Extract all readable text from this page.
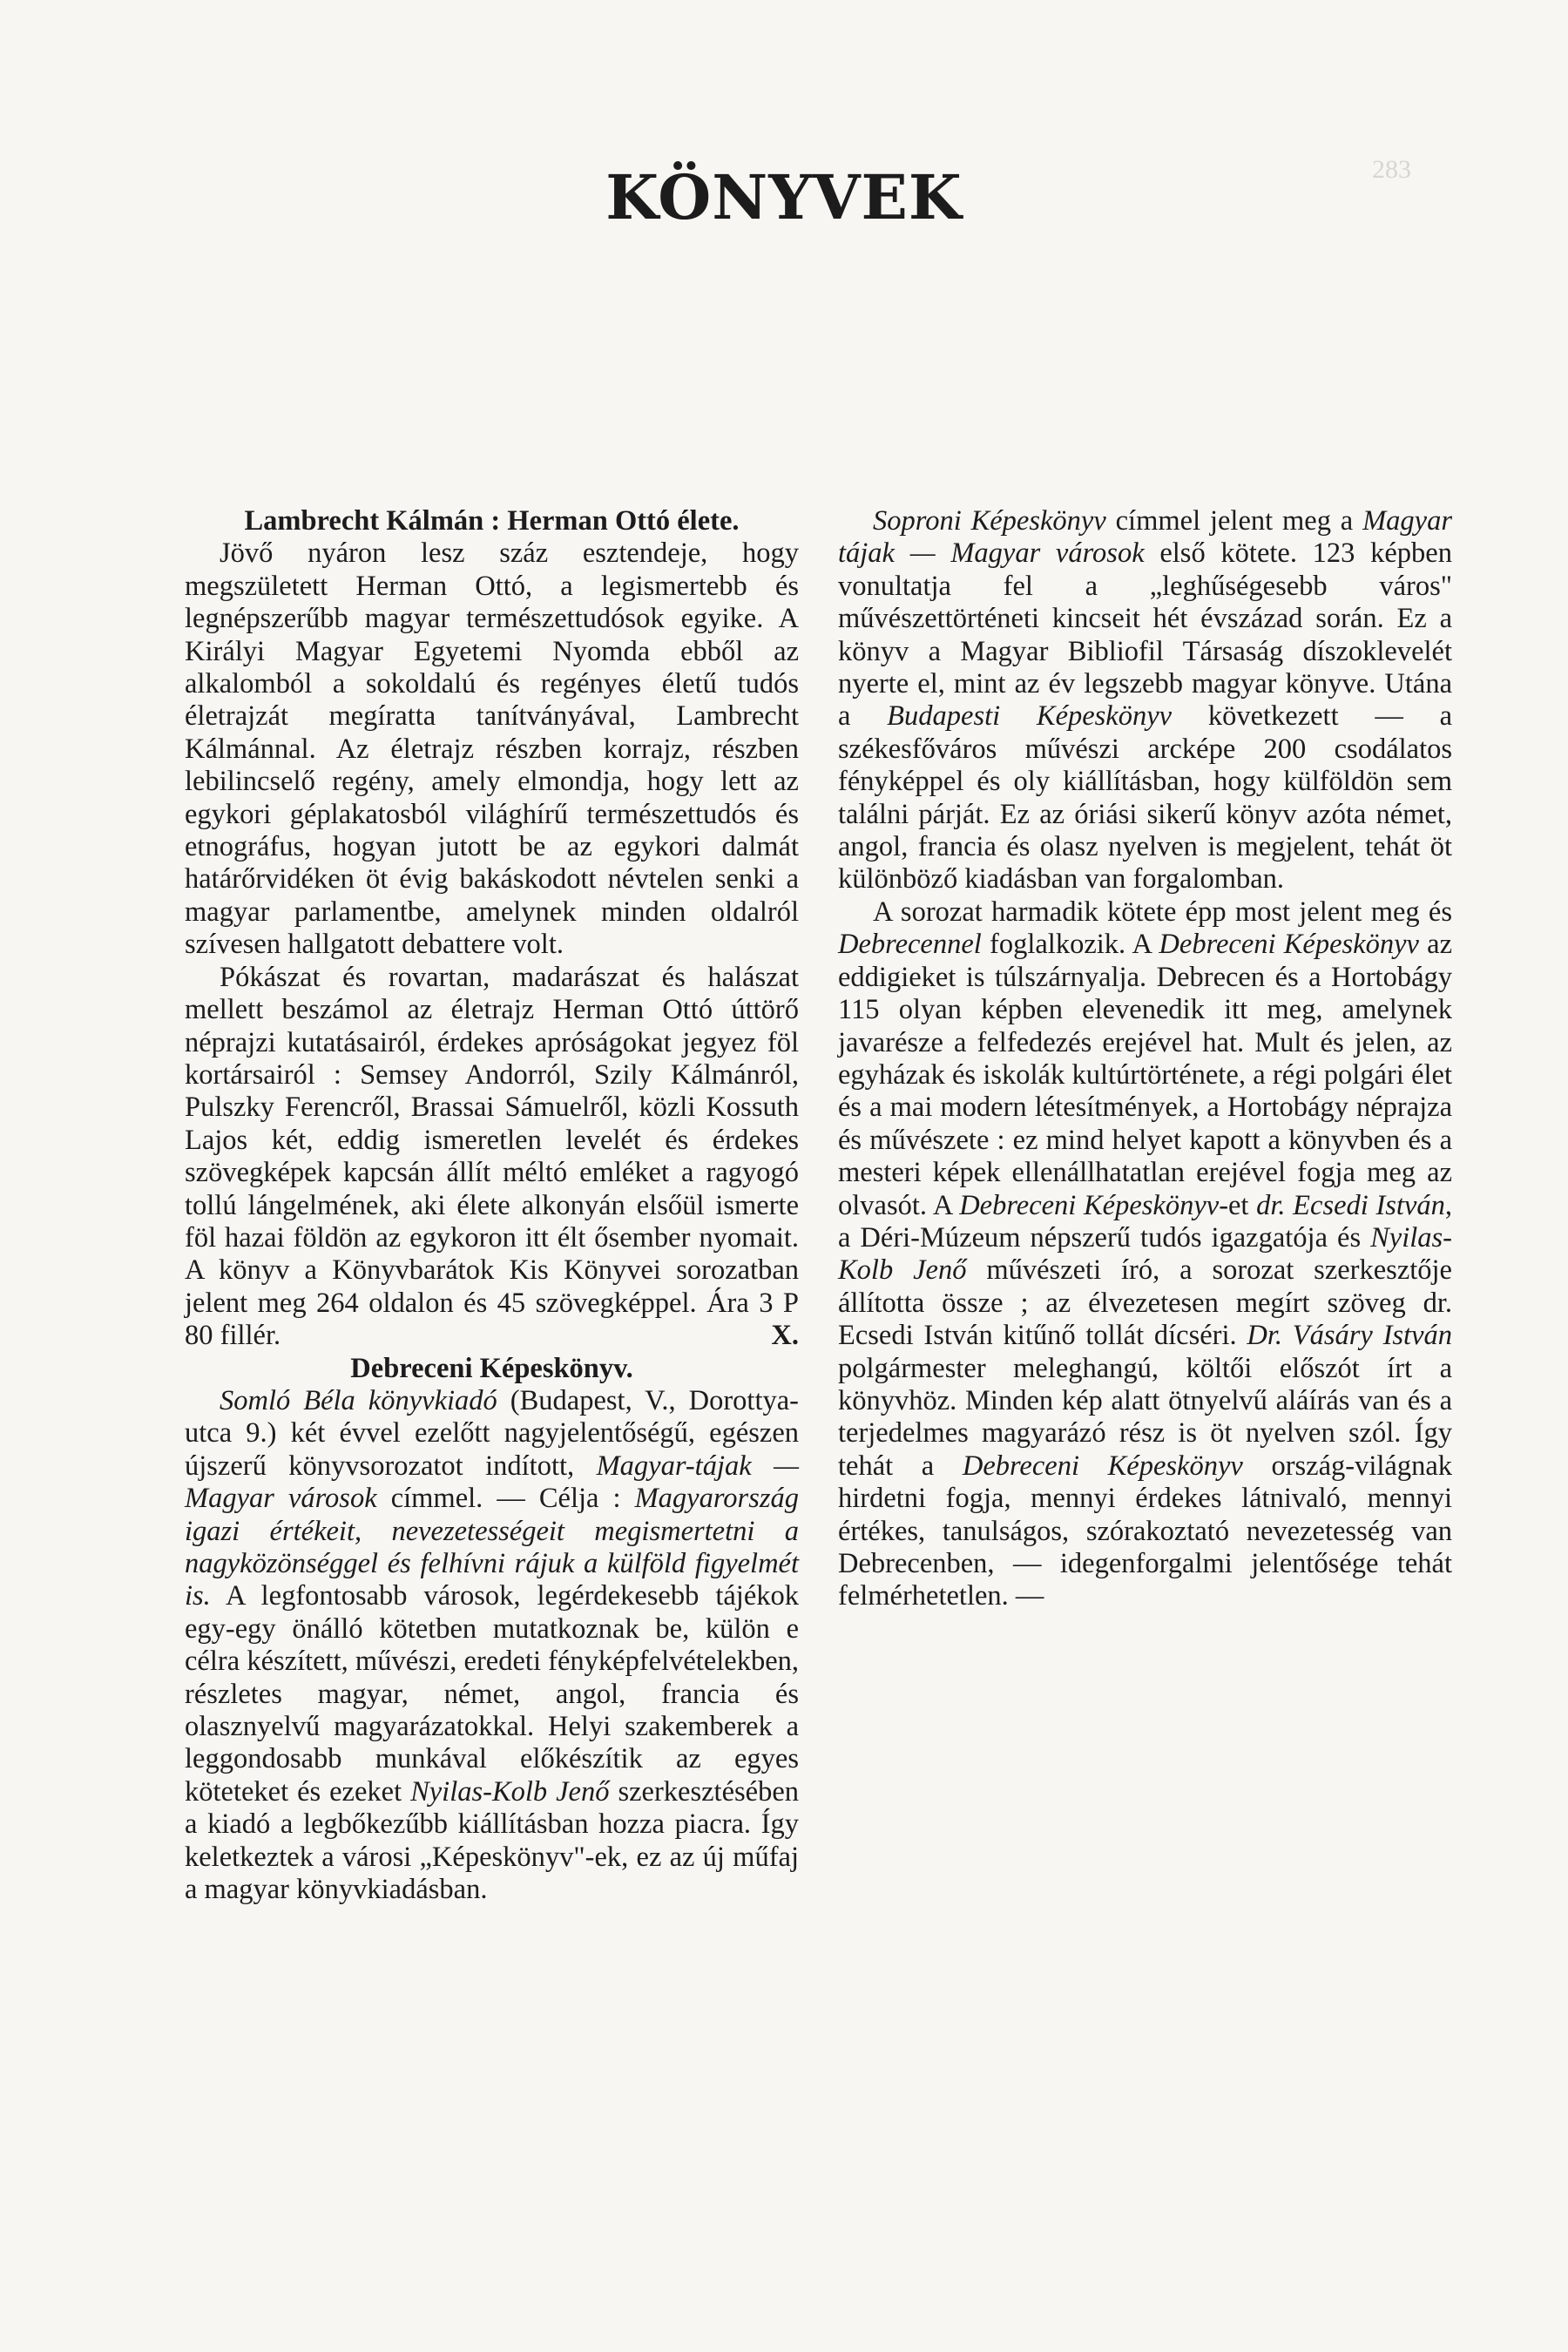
283
KÖNYVEK

Lambrecht Kálmán : Herman Ottó élete.

Jövő nyáron lesz száz esztendeje, hogy megszületett Herman Ottó, a legismertebb és legnépszerűbb magyar természettudósok egyike. A Királyi Magyar Egyetemi Nyomda ebből az alkalomból a sokoldalú és regényes életű tudós életrajzát megíratta tanítványával, Lambrecht Kálmánnal. Az életrajz részben korrajz, részben lebilincselő regény, amely elmondja, hogy lett az egykori géplakatosból világhírű természettudós és etnográfus, hogyan jutott be az egykori dalmát határőrvidéken öt évig bakáskodott névtelen senki a magyar parlamentbe, amelynek minden oldalról szívesen hallgatott debattere volt.

Pókászat és rovartan, madarászat és halászat mellett beszámol az életrajz Herman Ottó úttörő néprajzi kutatásairól, érdekes apróságokat jegyez föl kortársairól : Semsey Andorról, Szily Kálmánról, Pulszky Ferencről, Brassai Sámuelről, közli Kossuth Lajos két, eddig ismeretlen levelét és érdekes szövegképek kapcsán állít méltó emléket a ragyogó tollú lángelmének, aki élete alkonyán elsőül ismerte föl hazai földön az egykoron itt élt ősember nyomait. A könyv a Könyvbarátok Kis Könyvei sorozatban jelent meg 264 oldalon és 45 szövegképpel. Ára 3 P 80 fillér.	X.

Debreceni Képeskönyv.

Somló Béla könyvkiadó (Budapest, V., Dorottya-utca 9.) két évvel ezelőtt nagyjelentőségű, egészen újszerű könyvsorozatot indított, Magyar-tájak — Magyar városok címmel. — Célja : Magyarország igazi értékeit, nevezetességeit megismertetni a nagyközönséggel és felhívni rájuk a külföld figyelmét is. A legfontosabb városok, legérdekesebb tájékok egy-egy önálló kötetben mutatkoznak be, külön e célra készített, művészi, eredeti fényképfelvételekben, részletes magyar, német, angol, francia és olasznyelvű magyarázatokkal. Helyi szakemberek a leggondosabb munkával előkészítik az egyes köteteket és ezeket Nyilas-Kolb Jenő szerkesztésében a kiadó a legbőkezűbb kiállításban hozza piacra. Így keletkeztek a városi „Képeskönyv"-ek, ez az új műfaj a magyar könyvkiadásban.

Soproni Képeskönyv címmel jelent meg a Magyar tájak — Magyar városok első kötete. 123 képben vonultatja fel a „leghűségesebb város" művészettörténeti kincseit hét évszázad során. Ez a könyv a Magyar Bibliofil Társaság díszoklevelét nyerte el, mint az év legszebb magyar könyve. Utána a Budapesti Képeskönyv következett — a székesfőváros művészi arcképe 200 csodálatos fényképpel és oly kiállításban, hogy külföldön sem találni párját. Ez az óriási sikerű könyv azóta német, angol, francia és olasz nyelven is megjelent, tehát öt különböző kiadásban van forgalomban.

A sorozat harmadik kötete épp most jelent meg és Debrecennel foglalkozik. A Debreceni Képeskönyv az eddigieket is túlszárnyalja. Debrecen és a Hortobágy 115 olyan képben elevenedik itt meg, amelynek javarésze a felfedezés erejével hat. Mult és jelen, az egyházak és iskolák kultúrtörténete, a régi polgári élet és a mai modern létesítmények, a Hortobágy néprajza és művészete : ez mind helyet kapott a könyvben és a mesteri képek ellenállhatatlan erejével fogja meg az olvasót. A Debreceni Képeskönyv-et dr. Ecsedi István, a Déri-Múzeum népszerű tudós igazgatója és Nyilas-Kolb Jenő művészeti író, a sorozat szerkesztője állította össze ; az élvezetesen megírt szöveg dr. Ecsedi István kitűnő tollát dícséri. Dr. Vásáry István polgármester meleghangú, költői előszót írt a könyvhöz. Minden kép alatt ötnyelvű aláírás van és a terjedelmes magyarázó rész is öt nyelven szól. Így tehát a Debreceni Képeskönyv ország-világnak hirdetni fogja, mennyi érdekes látnivaló, mennyi értékes, tanulságos, szórakoztató nevezetesség van Debrecenben, — idegenforgalmi jelentősége tehát felmérhetetlen. —
